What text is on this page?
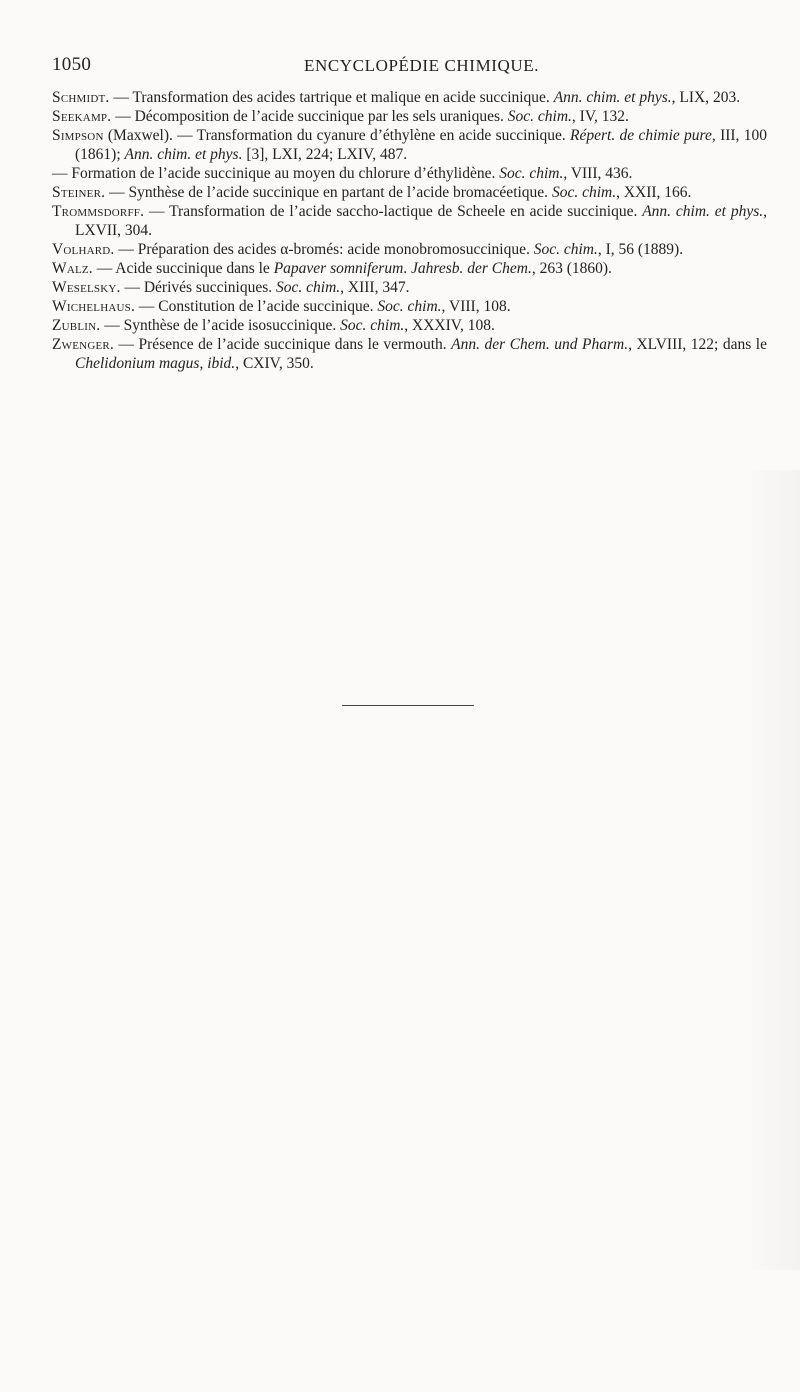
1050	ENCYCLOPÉDIE CHIMIQUE.

Schmidt. — Transformation des acides tartrique et malique en acide succinique. Ann. chim. et phys., LIX, 203.

Seekamp. — Décomposition de l’acide succinique par les sels uraniques. Soc. chim., IV, 132.

Simpson (Maxwel). — Transformation du cyanure d’éthylène en acide succinique. Répert. de chimie pure, III, 100 (1861); Ann. chim. et phys. [3], LXI, 224; LXIV, 487.

— Formation de l’acide succinique au moyen du chlorure d’éthylidène. Soc. chim., VIII, 436.

Steiner. — Synthèse de l’acide succinique en partant de l’acide bromacéetique. Soc. chim., XXII, 166.

Trommsdorff. — Transformation de l’acide saccho-lactique de Scheele en acide succinique. Ann. chim. et phys., LXVII, 304.

Volhard. — Préparation des acides α-bromés: acide monobromosuccinique. Soc. chim., I, 56 (1889).

Walz. — Acide succinique dans le Papaver somniferum. Jahresb. der Chem., 263 (1860).

Weselsky. — Dérivés succiniques. Soc. chim., XIII, 347.

Wichelhaus. — Constitution de l’acide succinique. Soc. chim., VIII, 108.

Zublin. — Synthèse de l’acide isosuccinique. Soc. chim., XXXIV, 108.

Zwenger. — Présence de l’acide succinique dans le vermouth. Ann. der Chem. und Pharm., XLVIII, 122; dans le Chelidonium magus, ibid., CXIV, 350.
